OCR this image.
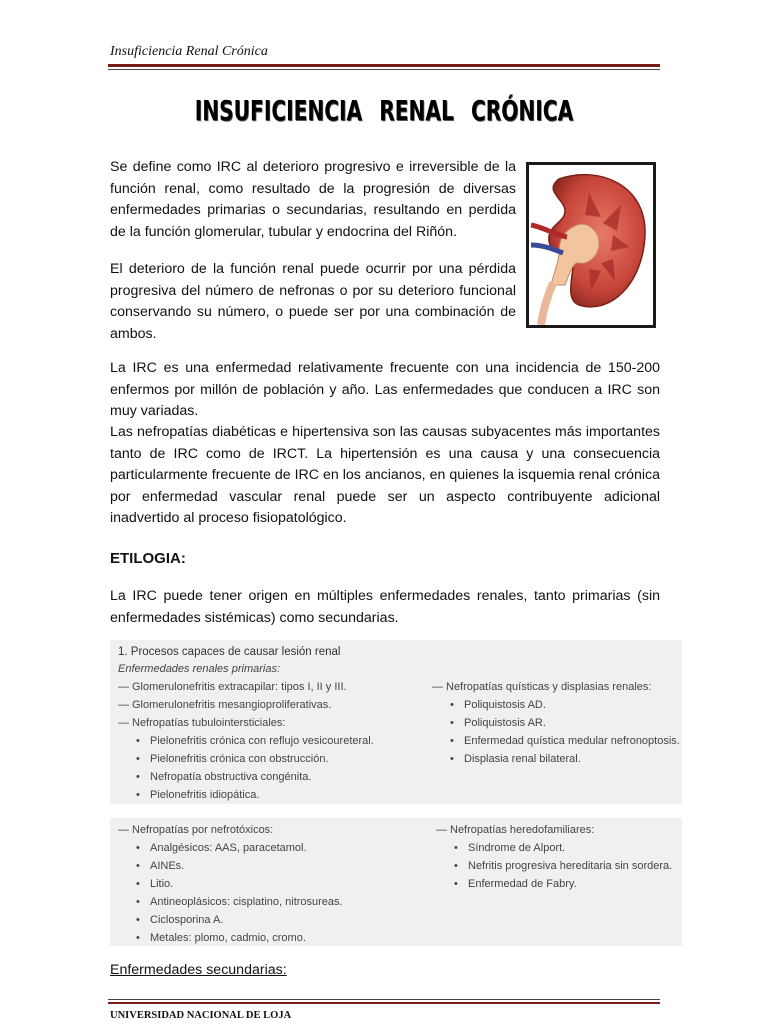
Insuficiencia Renal Crónica
INSUFICIENCIA RENAL CRÓNICA
Se define como IRC al deterioro progresivo e irreversible de la función renal, como resultado de la progresión de diversas enfermedades primarias o secundarias, resultando en perdida de la función glomerular, tubular y endocrina del Riñón.
El deterioro de la función renal puede ocurrir por una pérdida progresiva del número de nefronas o por su deterioro funcional conservando su número, o puede ser por una combinación de ambos.
La IRC es una enfermedad relativamente frecuente con una incidencia de 150-200 enfermos por millón de población y año. Las enfermedades que conducen a IRC son muy variadas.
Las nefropatías diabéticas e hipertensiva son las causas subyacentes más importantes tanto de IRC como de IRCT. La hipertensión es una causa y una consecuencia particularmente frecuente de IRC en los ancianos, en quienes la isquemia renal crónica por enfermedad vascular renal puede ser un aspecto contribuyente adicional inadvertido al proceso fisiopatológico.
ETILOGIA:
La IRC puede tener origen en múltiples enfermedades renales, tanto primarias (sin enfermedades sistémicas) como secundarias.
1. Procesos capaces de causar lesión renal
Enfermedades renales primarias:
— Glomerulonefritis extracapilar: tipos I, II y III.
— Glomerulonefritis mesangioproliferativas.
— Nefropatías tubulointersticiales:
• Pielonefritis crónica con reflujo vesicoureteral.
• Pielonefritis crónica con obstrucción.
• Nefropatía obstructiva congénita.
• Pielonefritis idiopática.
— Nefropatías quísticas y displasias renales:
• Poliquistosis AD.
• Poliquistosis AR.
• Enfermedad quística medular nefronoptosis.
• Displasia renal bilateral.
— Nefropatías por nefrotóxicos:
• Analgésicos: AAS, paracetamol.
• AINEs.
• Litio.
• Antineoplásicos: cisplatino, nitrosureas.
• Ciclosporina A.
• Metales: plomo, cadmio, cromo.
— Nefropatías heredofamiliares:
• Síndrome de Alport.
• Nefritis progresiva hereditaria sin sordera.
• Enfermedad de Fabry.
Enfermedades secundarias:
UNIVERSIDAD NACIONAL DE LOJA
